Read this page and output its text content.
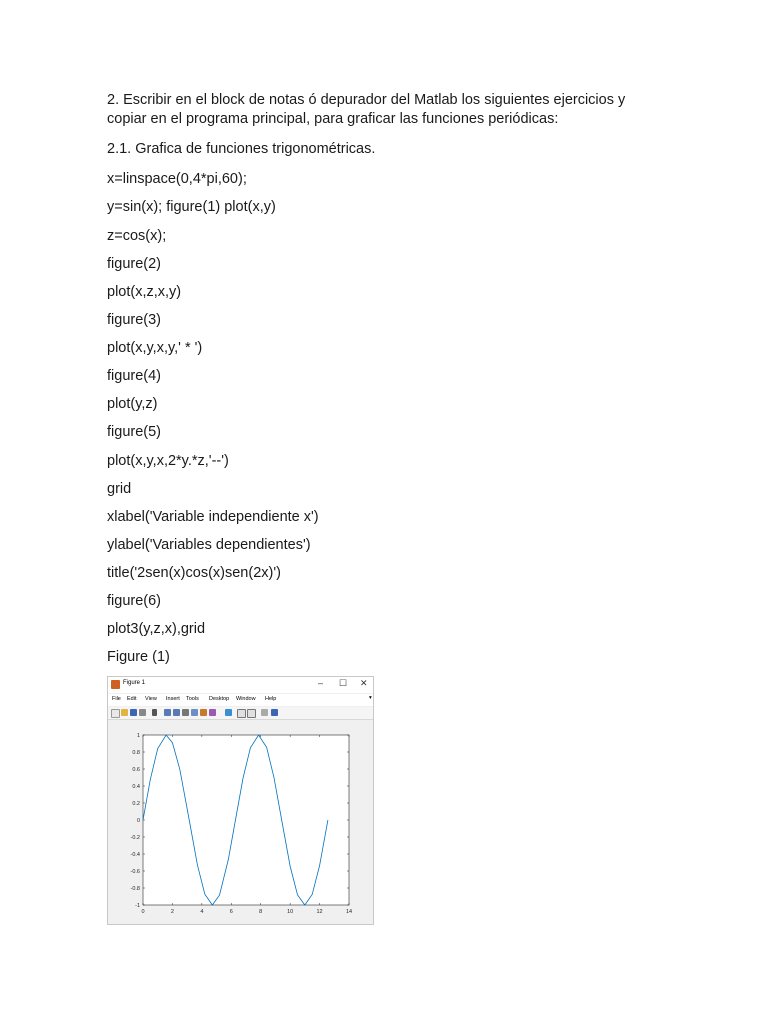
2. Escribir en el block de notas ó depurador del Matlab los siguientes ejercicios y

copiar en el programa principal, para graficar las funciones periódicas:

2.1. Grafica de funciones trigonométricas.

x=linspace(0,4*pi,60);
y=sin(x); figure(1) plot(x,y)
z=cos(x);
figure(2)
plot(x,z,x,y)
figure(3)
plot(x,y,x,y,' * ')
figure(4)
plot(y,z)
figure(5)
plot(x,y,x,2*y.*z,'--')
grid
xlabel('Variable independiente x')
ylabel('Variables dependientes')
title('2sen(x)cos(x)sen(2x)')
figure(6)
plot3(y,z,x),grid
Figure (1)
Figure 1	– ☐ ✕
File Edit View Insert Tools Desktop Window Help	▾
0	2	4	6	8	10	12	14
-1
-0.8
-0.6
-0.4
-0.2
0
0.2
0.4
0.6
0.8
1
